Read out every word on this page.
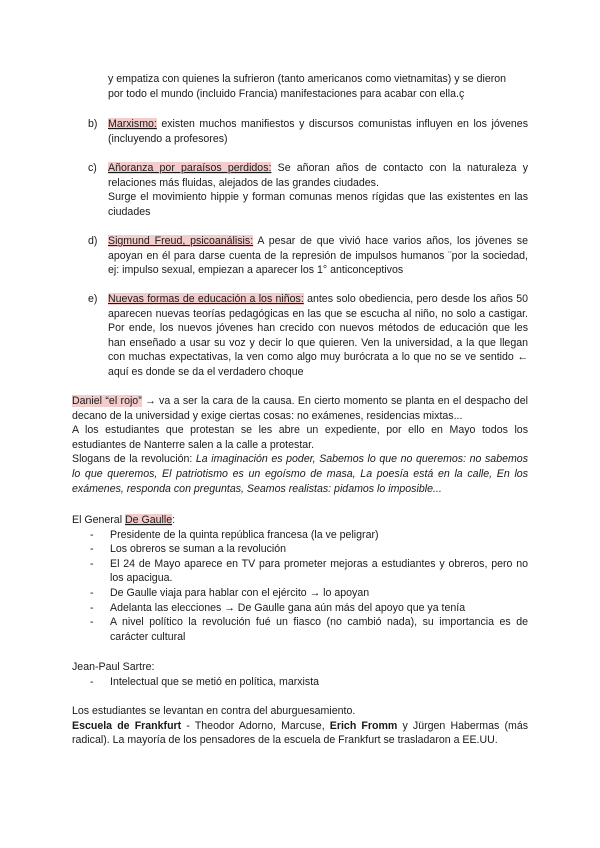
y empatiza con quienes la sufrieron (tanto americanos como vietnamitas) y se dieron

por todo el mundo (incluido Francia) manifestaciones para acabar con ella.ç

b) Marxismo: existen muchos manifiestos y discursos comunistas influyen en los jóvenes (incluyendo a profesores)

c) Añoranza por paraísos perdidos: Se añoran años de contacto con la naturaleza y relaciones más fluidas, alejados de las grandes ciudades.

Surge el movimiento hippie y forman comunas menos rígidas que las existentes en las ciudades

d) Sigmund Freud, psicoanálisis: A pesar de que vivió hace varios años, los jóvenes se apoyan en él para darse cuenta de la represión de impulsos humanos ¨por la sociedad, ej: impulso sexual, empiezan a aparecer los 1° anticonceptivos

e) Nuevas formas de educación a los niños: antes solo obediencia, pero desde los años 50 aparecen nuevas teorías pedagógicas en las que se escucha al niño, no solo a castigar. Por ende, los nuevos jóvenes han crecido con nuevos métodos de educación que les han enseñado a usar su voz y decir lo que quieren. Ven la universidad, a la que llegan con muchas expectativas, la ven como algo muy burócrata a lo que no se ve sentido ← aquí es donde se da el verdadero choque

Daniel “el rojo” → va a ser la cara de la causa. En cierto momento se planta en el despacho del decano de la universidad y exige ciertas cosas: no exámenes, residencias mixtas...

A los estudiantes que protestan se les abre un expediente, por ello en Mayo todos los estudiantes de Nanterre salen a la calle a protestar.

Slogans de la revolución: La imaginación es poder, Sabemos lo que no queremos: no sabemos lo que queremos, El patriotismo es un egoísmo de masa, La poesía está en la calle, En los exámenes, responda con preguntas, Seamos realistas: pidamos lo imposible...

El General De Gaulle:

- Presidente de la quinta república francesa (la ve peligrar)

- Los obreros se suman a la revolución

- El 24 de Mayo aparece en TV para prometer mejoras a estudiantes y obreros, pero no los apaciguа.

- De Gaulle viaja para hablar con el ejército → lo apoyan

- Adelanta las elecciones → De Gaulle gana aún más del apoyo que ya tenía

- A nivel político la revolución fué un fiasco (no cambió nada), su importancia es de carácter cultural

Jean-Paul Sartre:

- Intelectual que se metió en política, marxista

Los estudiantes se levantan en contra del aburguesamiento.

Escuela de Frankfurt - Theodor Adorno, Marcuse, Erich Fromm y Jürgen Habermas (más radical). La mayoría de los pensadores de la escuela de Frankfurt se trasladaron a EE.UU.
